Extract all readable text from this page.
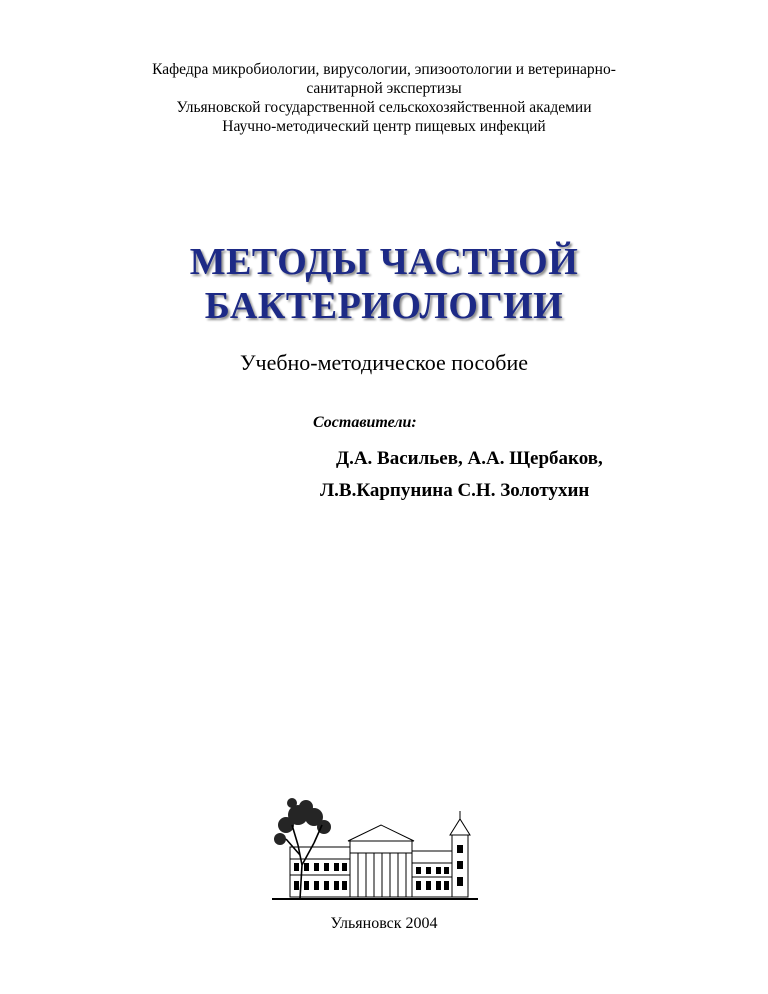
Кафедра микробиологии, вирусологии, эпизоотологии и ветеринарно-
санитарной экспертизы
Ульяновской государственной сельскохозяйственной академии
Научно-методический центр пищевых инфекций
МЕТОДЫ ЧАСТНОЙ
БАКТЕРИОЛОГИИ
Учебно-методическое пособие
Составители:
Д.А. Васильев, А.А. Щербаков,
Л.В.Карпунина С.Н. Золотухин
Ульяновск 2004
